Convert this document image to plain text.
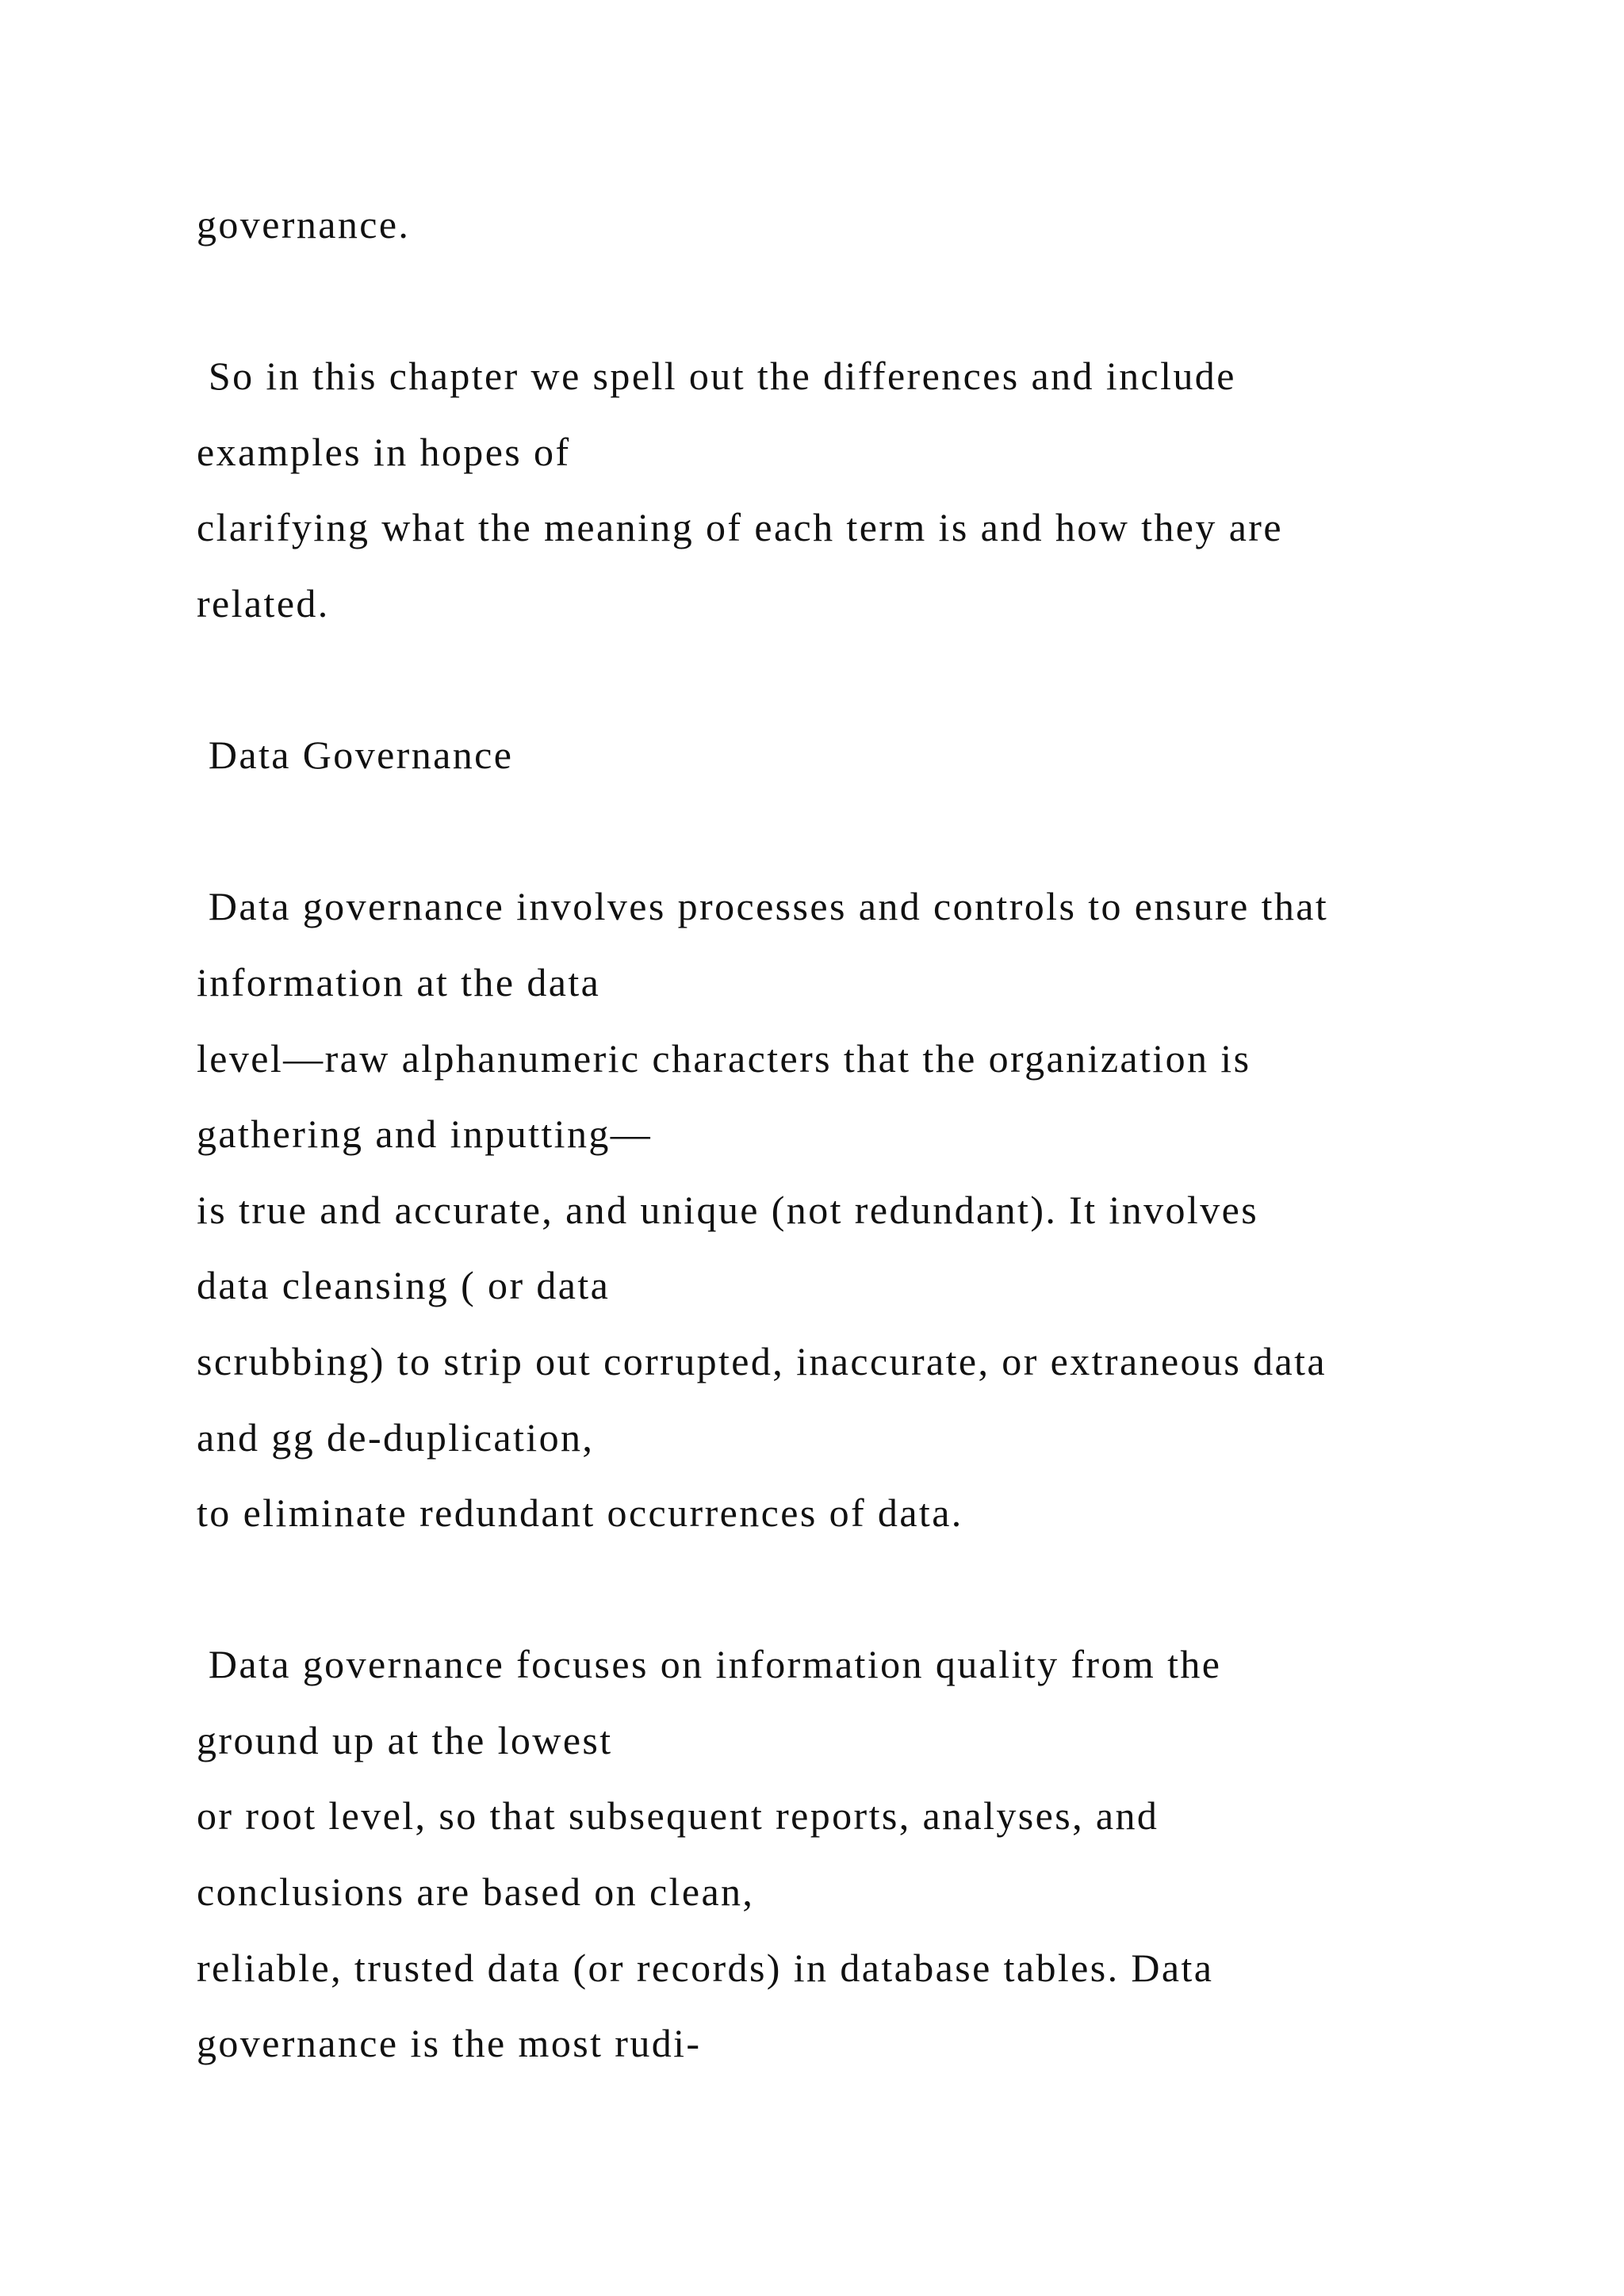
governance.
So in this chapter we spell out the differences and include
examples in hopes of
clarifying what the meaning of each term is and how they are
related.
Data Governance
Data governance involves processes and controls to ensure that
information at the data
level—raw alphanumeric characters that the organization is
gathering and inputting—
is true and accurate, and unique (not redundant). It involves
data cleansing ( or data
scrubbing) to strip out corrupted, inaccurate, or extraneous data
and gg de-duplication,
to eliminate redundant occurrences of data.
Data governance focuses on information quality from the
ground up at the lowest
or root level, so that subsequent reports, analyses, and
conclusions are based on clean,
reliable, trusted data (or records) in database tables. Data
governance is the most rudi-
